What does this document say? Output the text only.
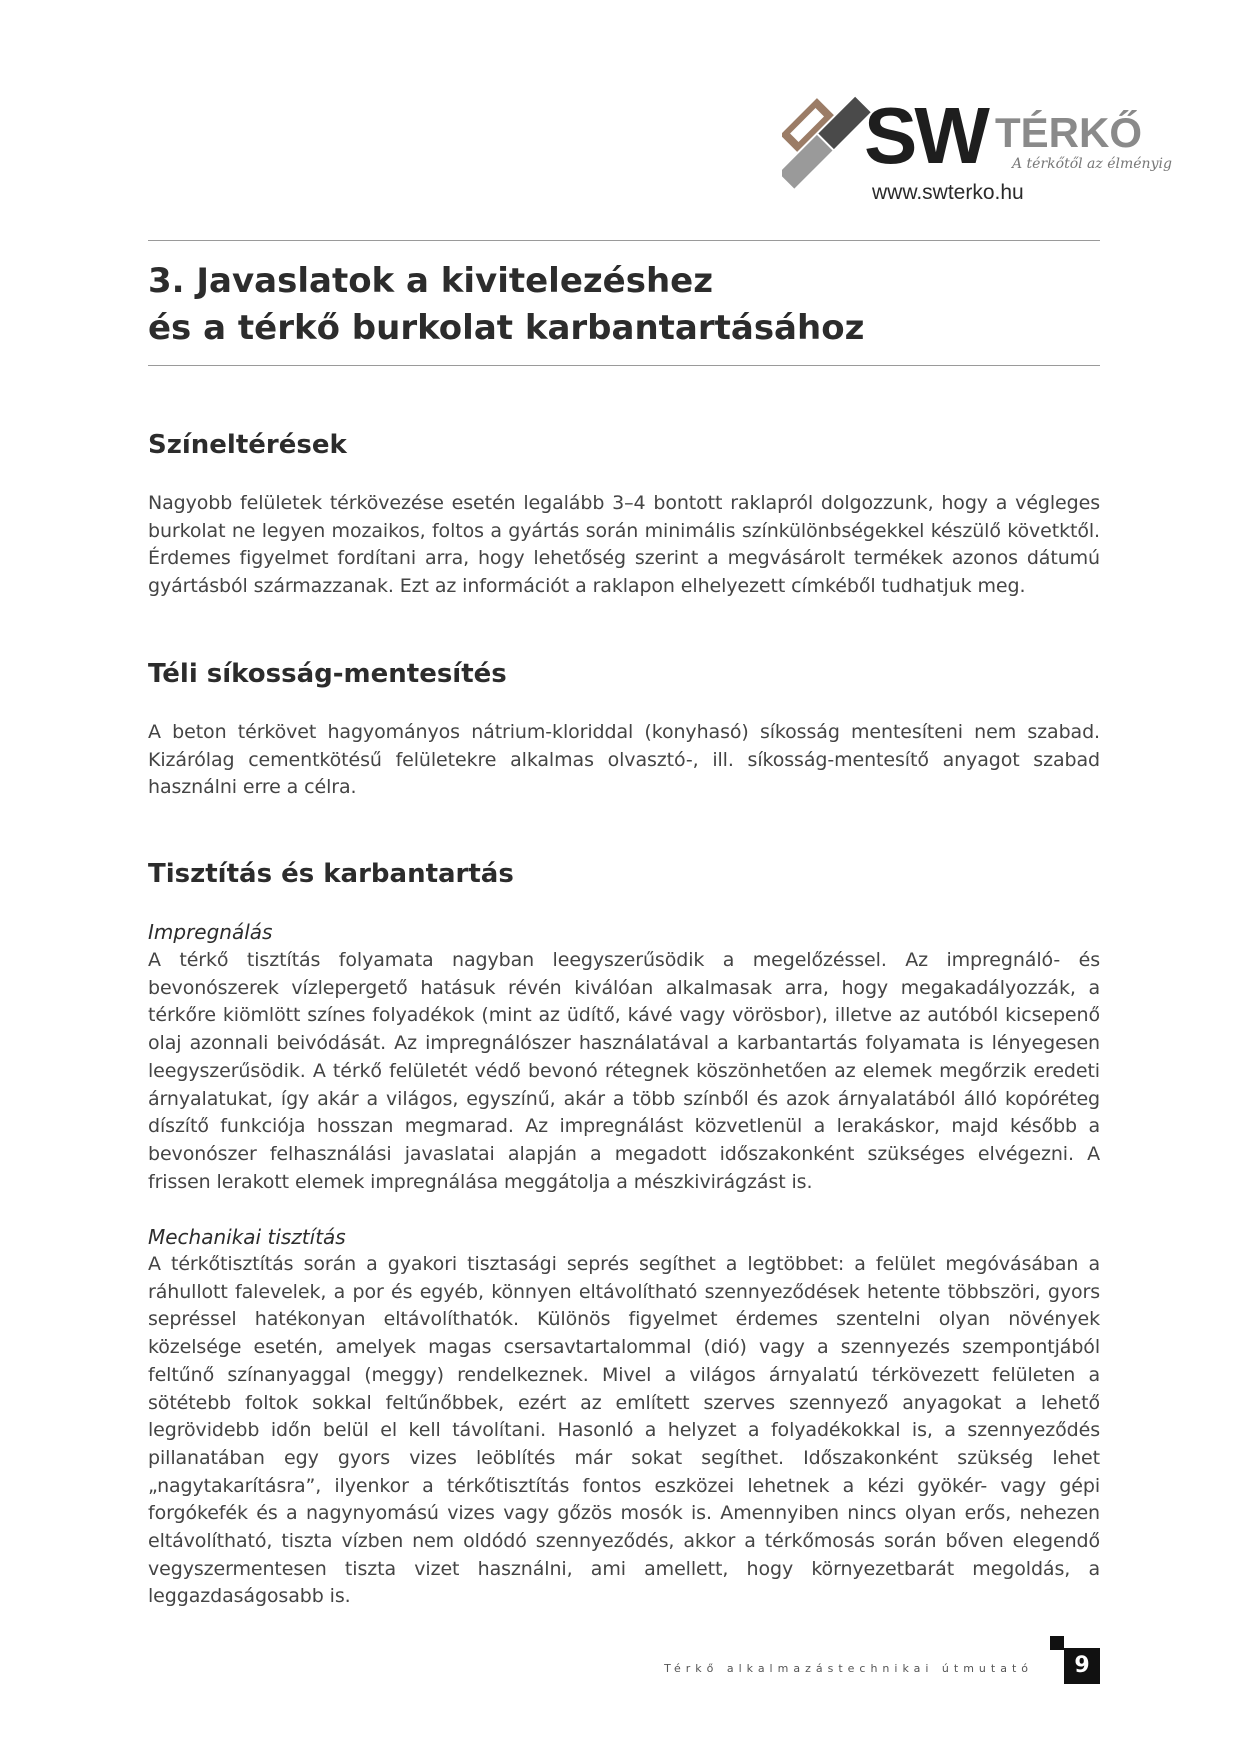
SW TÉRKŐ
A térkőtől az élményig
www.swterko.hu
3. Javaslatok a kivitelezéshez
és a térkő burkolat karbantartásához
Színeltérések

Nagyobb felületek térkövezése esetén legalább 3–4 bontott raklapról dolgozzunk, hogy a végleges burkolat ne legyen mozaikos, foltos a gyártás során minimális színkülönbségekkel készülő követktől. Érdemes figyelmet fordítani arra, hogy lehetőség szerint a megvásárolt termékek azonos dátumú gyártásból származzanak. Ezt az információt a raklapon elhelyezett címkéből tudhatjuk meg.

Téli síkosság-mentesítés

A beton térkövet hagyományos nátrium-kloriddal (konyhasó) síkosság mentesíteni nem szabad. Kizárólag cementkötésű felületekre alkalmas olvasztó-, ill. síkosság-mentesítő anyagot szabad használni erre a célra.

Tisztítás és karbantartás
Impregnálás

A térkő tisztítás folyamata nagyban leegyszerűsödik a megelőzéssel. Az impregnáló- és bevonószerek vízlepergető hatásuk révén kiválóan alkalmasak arra, hogy megakadályozzák, a térkőre kiömlött színes folyadékok (mint az üdítő, kávé vagy vörösbor), illetve az autóból kicsepenő olaj azonnali beivódását. Az impregnálószer használatával a karbantartás folyamata is lényegesen leegyszerűsödik. A térkő felületét védő bevonó rétegnek köszönhetően az elemek megőrzik eredeti árnyalatukat, így akár a világos, egyszínű, akár a több színből és azok árnyalatából álló kopóréteg díszítő funkciója hosszan megmarad. Az impregnálást közvetlenül a lerakáskor, majd később a bevonószer felhasználási javaslatai alapján a megadott időszakonként szükséges elvégezni. A frissen lerakott elemek impregnálása meggátolja a mészkivirágzást is.

Mechanikai tisztítás

A térkőtisztítás során a gyakori tisztasági seprés segíthet a legtöbbet: a felület megóvásában a ráhullott falevelek, a por és egyéb, könnyen eltávolítható szennyeződések hetente többszöri, gyors sepréssel hatékonyan eltávolíthatók. Különös figyelmet érdemes szentelni olyan növények közelsége esetén, amelyek magas csersavtartalommal (dió) vagy a szennyezés szempontjából feltűnő színanyaggal (meggy) rendelkeznek. Mivel a világos árnyalatú térkövezett felületen a sötétebb foltok sokkal feltűnőbbek, ezért az említett szerves szennyező anyagokat a lehető legrövidebb időn belül el kell távolítani. Hasonló a helyzet a folyadékokkal is, a szennyeződés pillanatában egy gyors vizes leöblítés már sokat segíthet. Időszakonként szükség lehet „nagytakarításra”, ilyenkor a térkőtisztítás fontos eszközei lehetnek a kézi gyökér- vagy gépi forgókefék és a nagynyomású vizes vagy gőzös mosók is. Amennyiben nincs olyan erős, nehezen eltávolítható, tiszta vízben nem oldódó szennyeződés, akkor a térkőmosás során bőven elegendő vegyszermentesen tiszta vizet használni, ami amellett, hogy környezetbarát megoldás, a leggazdaságosabb is.

Térkő alkalmazástechnikai útmutató	9
